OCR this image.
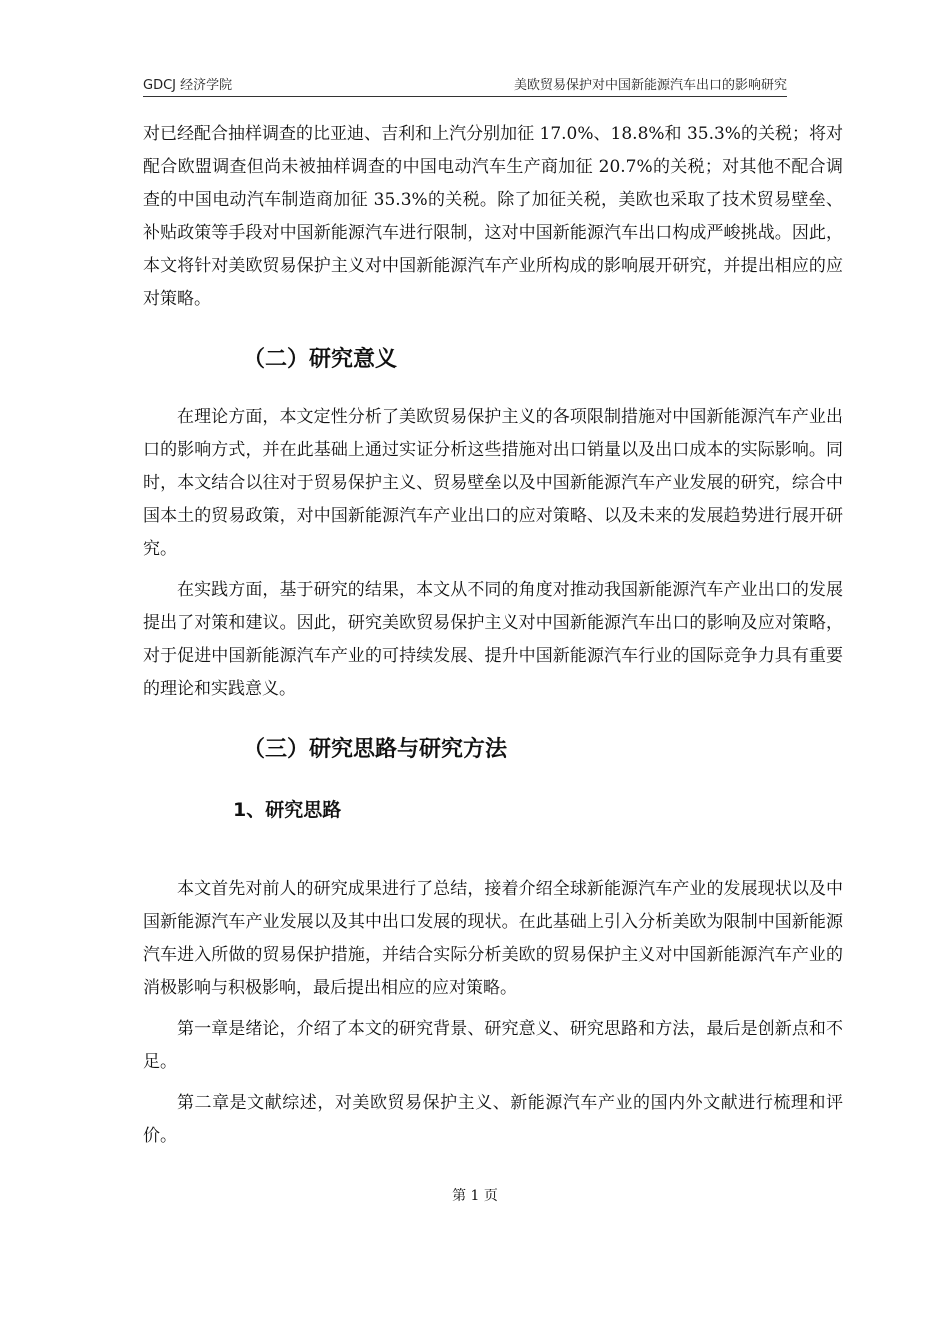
GDCJ 经济学院	美欧贸易保护对中国新能源汽车出口的影响研究

对已经配合抽样调查的比亚迪、吉利和上汽分别加征 17.0%、18.8%和 35.3%的关税；将对配合欧盟调查但尚未被抽样调查的中国电动汽车生产商加征 20.7%的关税；对其他不配合调查的中国电动汽车制造商加征 35.3%的关税。除了加征关税，美欧也采取了技术贸易壁垒、补贴政策等手段对中国新能源汽车进行限制，这对中国新能源汽车出口构成严峻挑战。因此，本文将针对美欧贸易保护主义对中国新能源汽车产业所构成的影响展开研究，并提出相应的应对策略。

（二）研究意义

在理论方面，本文定性分析了美欧贸易保护主义的各项限制措施对中国新能源汽车产业出口的影响方式，并在此基础上通过实证分析这些措施对出口销量以及出口成本的实际影响。同时，本文结合以往对于贸易保护主义、贸易壁垒以及中国新能源汽车产业发展的研究，综合中国本土的贸易政策，对中国新能源汽车产业出口的应对策略、以及未来的发展趋势进行展开研究。

在实践方面，基于研究的结果，本文从不同的角度对推动我国新能源汽车产业出口的发展提出了对策和建议。因此，研究美欧贸易保护主义对中国新能源汽车出口的影响及应对策略，对于促进中国新能源汽车产业的可持续发展、提升中国新能源汽车行业的国际竞争力具有重要的理论和实践意义。

（三）研究思路与研究方法
1、研究思路

本文首先对前人的研究成果进行了总结，接着介绍全球新能源汽车产业的发展现状以及中国新能源汽车产业发展以及其中出口发展的现状。在此基础上引入分析美欧为限制中国新能源汽车进入所做的贸易保护措施，并结合实际分析美欧的贸易保护主义对中国新能源汽车产业的消极影响与积极影响，最后提出相应的应对策略。

第一章是绪论，介绍了本文的研究背景、研究意义、研究思路和方法，最后是创新点和不足。

第二章是文献综述，对美欧贸易保护主义、新能源汽车产业的国内外文献进行梳理和评价。

第 1 页
